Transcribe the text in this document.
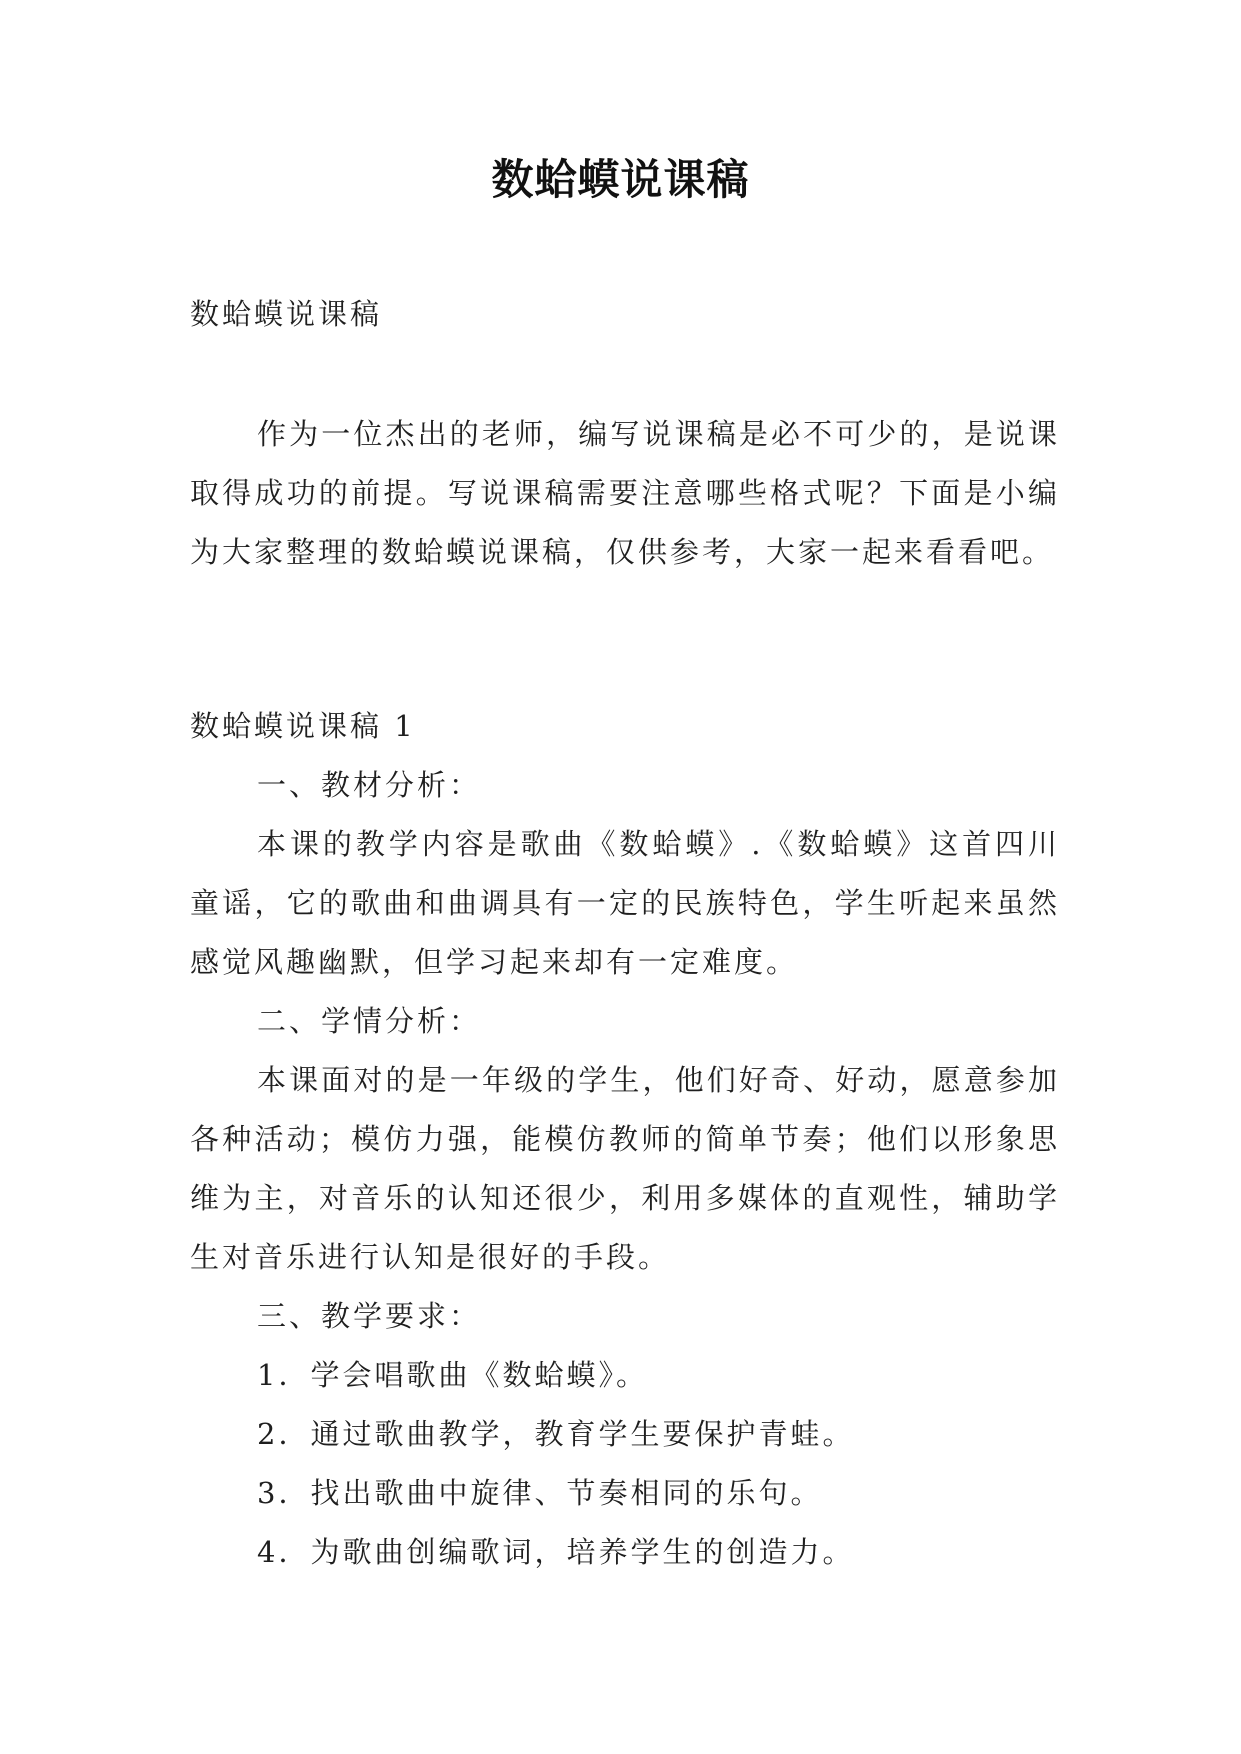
数蛤蟆说课稿
数蛤蟆说课稿
作为一位杰出的老师，编写说课稿是必不可少的，是说课取得成功的前提。写说课稿需要注意哪些格式呢？下面是小编为大家整理的数蛤蟆说课稿，仅供参考，大家一起来看看吧。

数蛤蟆说课稿 1

一、教材分析：

本课的教学内容是歌曲《数蛤蟆》.《数蛤蟆》这首四川童谣，它的歌曲和曲调具有一定的民族特色，学生听起来虽然感觉风趣幽默，但学习起来却有一定难度。

二、学情分析：

本课面对的是一年级的学生，他们好奇、好动，愿意参加各种活动；模仿力强，能模仿教师的简单节奏；他们以形象思维为主，对音乐的认知还很少，利用多媒体的直观性，辅助学生对音乐进行认知是很好的手段。

三、教学要求：

1．学会唱歌曲《数蛤蟆》。

2．通过歌曲教学，教育学生要保护青蛙。

3．找出歌曲中旋律、节奏相同的乐句。

4．为歌曲创编歌词，培养学生的创造力。
